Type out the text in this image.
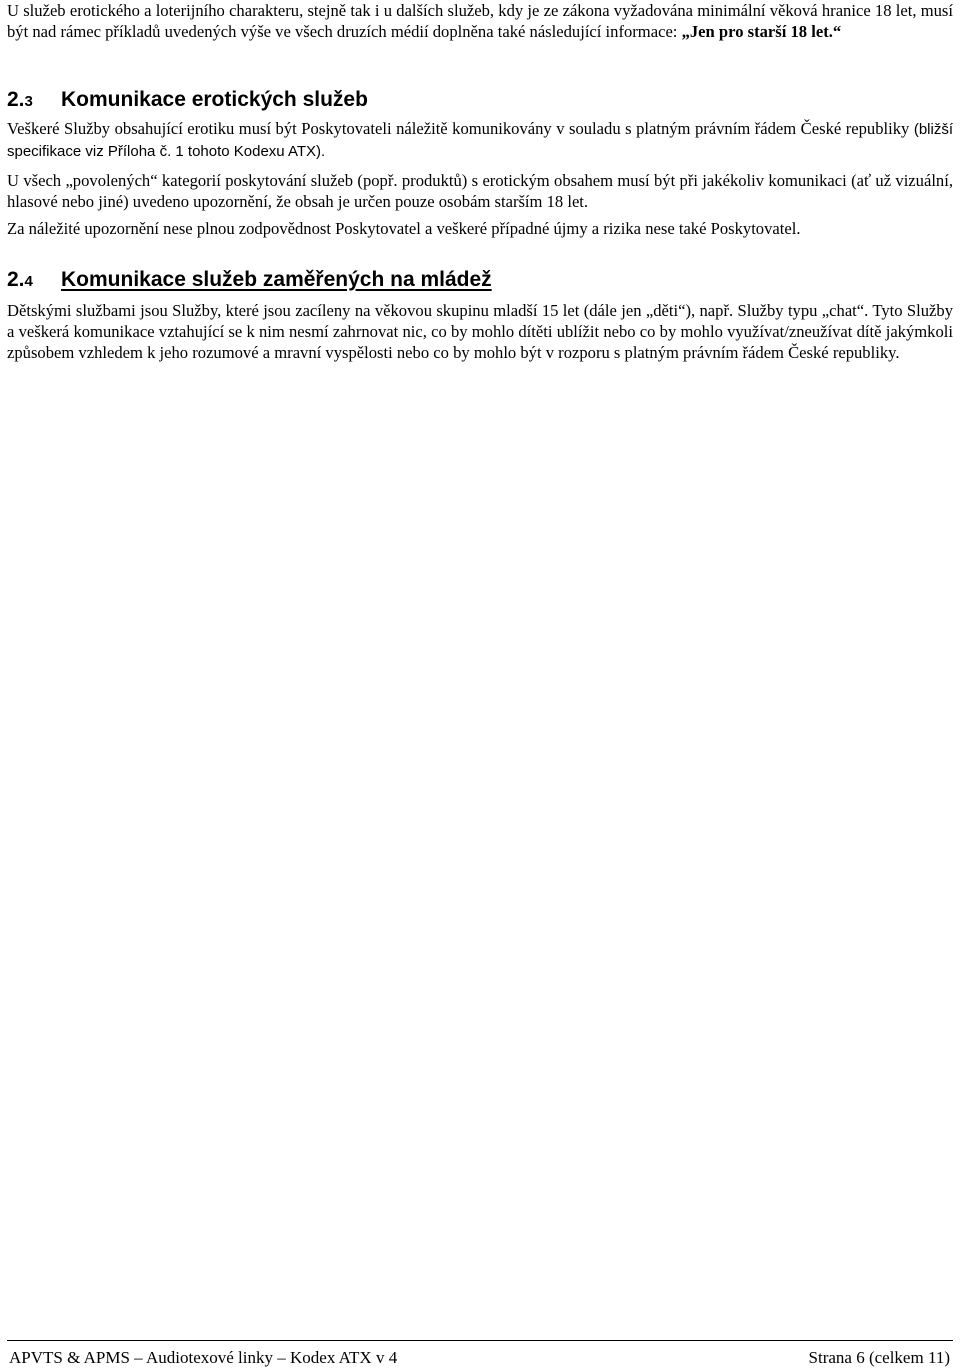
U služeb erotického a loterijního charakteru, stejně tak i u dalších služeb, kdy je ze zákona vyžadována minimální věková hranice 18 let, musí být nad rámec příkladů uvedených výše ve všech druzích médií doplněna také následující informace: „Jen pro starší 18 let.“

2.3 Komunikace erotických služeb

Veškeré Služby obsahující erotiku musí být Poskytovateli náležitě komunikovány v souladu s platným právním řádem České republiky (bližší specifikace viz Příloha č. 1 tohoto Kodexu ATX).

U všech „povolených“ kategorií poskytování služeb (popř. produktů) s erotickým obsahem musí být při jakékoliv komunikaci (ať už vizuální, hlasové nebo jiné) uvedeno upozornění, že obsah je určen pouze osobám starším 18 let.

Za náležité upozornění nese plnou zodpovědnost Poskytovatel a veškeré případné újmy a rizika nese také Poskytovatel.

2.4 Komunikace služeb zaměřených na mládež

Dětskými službami jsou Služby, které jsou zacíleny na věkovou skupinu mladší 15 let (dále jen „děti“), např. Služby typu „chat“. Tyto Služby a veškerá komunikace vztahující se k nim nesmí zahrnovat nic, co by mohlo dítěti ublížit nebo co by mohlo využívat/zneužívat dítě jakýmkoli způsobem vzhledem k jeho rozumové a mravní vyspělosti nebo co by mohlo být v rozporu s platným právním řádem České republiky.

APVTS & APMS – Audiotexové linky – Kodex ATX v 4	Strana 6 (celkem 11)
